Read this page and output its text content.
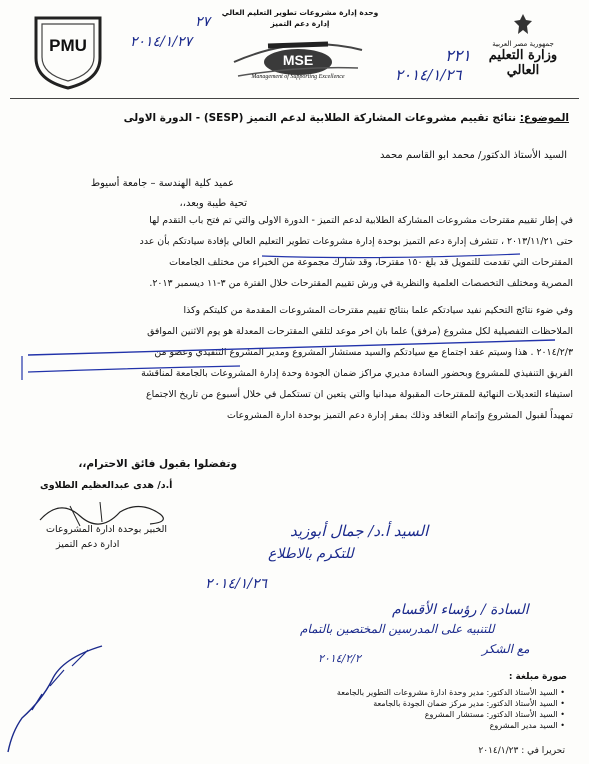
جمهورية مصر العربية
وزارة التعليم العالي
وحدة إدارة مشروعات تطوير التعليم العالي
إدارة دعم التميز
MSE
Management of Supporting Excellence
PMU
٢٧
٢٠١٤/١/٢٧
٢٢١
٢٠١٤/١/٢٦
الموضوع: نتائج تقييم مشروعات المشاركة الطلابية لدعم التميز (SESP) - الدورة الاولى
السيد الأستاذ الدكتور/ محمد ابو القاسم محمد
عميد كلية الهندسة – جامعة أسيوط
تحية طيبة وبعد،،
في إطار تقييم مقترحات مشروعات المشاركة الطلابية لدعم التميز - الدورة الاولى والتي تم فتح باب التقدم لها
حتى ٢٠١٣/١١/٢١ ، تتشرف إدارة دعم التميز بوحدة إدارة مشروعات تطوير التعليم العالي بإفادة سيادتكم بأن عدد
المقترحات التي تقدمت للتمويل قد بلغ ١٥٠ مقترحا، وقد شارك مجموعة من الخبراء من مختلف الجامعات
المصرية ومختلف التخصصات العلمية والنظرية في ورش تقييم المقترحات خلال الفترة من ٣-١١ ديسمبر ٢٠١٣.
وفي ضوء نتائج التحكيم نفيد سيادتكم علما بنتائج تقييم مقترحات المشروعات المقدمة من كليتكم وكذا
الملاحظات التفصيلية لكل مشروع (مرفق) علما بان اخر موعد لتلقي المقترحات المعدلة هو يوم الاثنين الموافق
٢٠١٤/٢/٣ . هذا وسيتم عقد اجتماع مع سيادتكم والسيد مستشار المشروع ومدير المشروع التنفيذي وعضو من
الفريق التنفيذي للمشروع وبحضور السادة مديري مراكز ضمان الجودة وحدة إدارة المشروعات بالجامعة لمناقشة
استيفاء التعديلات النهائية للمقترحات المقبولة ميدانيا والتي يتعين ان تستكمل في خلال أسبوع من تاريخ الاجتماع
تمهيداً لقبول المشروع وإتمام التعاقد وذلك بمقر إدارة دعم التميز بوحدة ادارة المشروعات
وتفضلوا بقبول فائق الاحترام،،
أ.د/ هدى عبدالعظيم الطلاوى
الخبير بوحدة ادارة المشروعات
ادارة دعم التميز
السيد أ.د/ جمال أبوزيد
للتكرم بالاطلاع
٢٠١٤/١/٢٦
السادة / رؤساء الأقسام
للتنبيه على المدرسين المختصين بالتمام
مع الشكر
٢٠١٤/٢/٢
صورة مبلغة :
• السيد الأستاذ الدكتور: مدير وحدة ادارة مشروعات التطوير بالجامعة
• السيد الأستاذ الدكتور: مدير مركز ضمان الجودة بالجامعة
• السيد الأستاذ الدكتور: مستشار المشروع
• السيد مدير المشروع
تحريرا في : ٢٠١٤/١/٢٣
